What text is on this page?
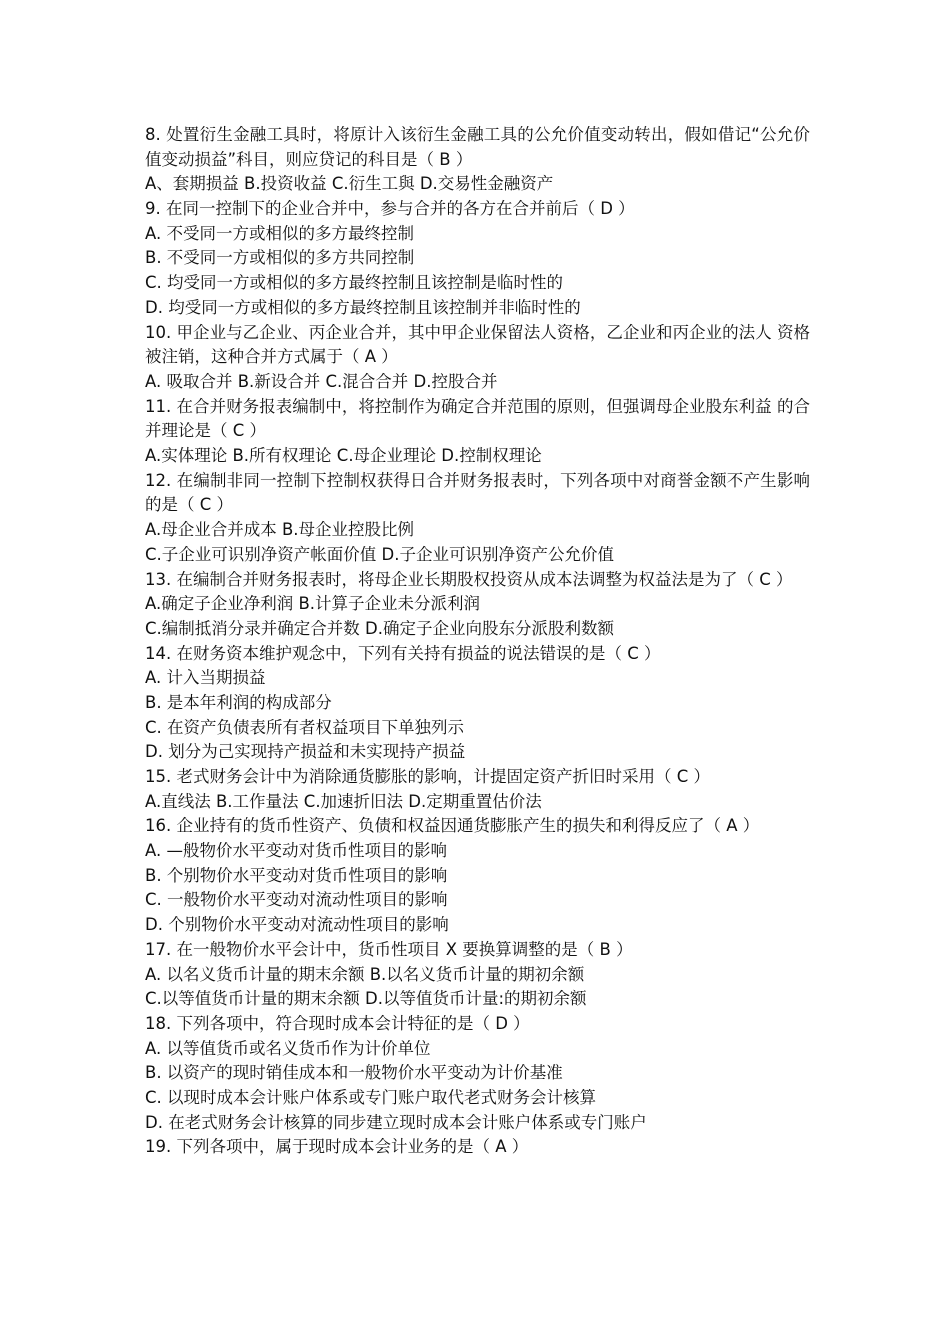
8. 处置衍生金融工具时，将原计入该衍生金融工具的公允价值变动转出，假如借记“公允价值变动损益”科目，则应贷记的科目是（ B ）
A、套期损益 B.投资收益 C.衍生工與 D.交易性金融资产
9. 在同一控制下的企业合并中，参与合并的各方在合并前后（ D ）
A. 不受同一方或相似的多方最终控制
B. 不受同一方或相似的多方共同控制
C. 均受同一方或相似的多方最终控制且该控制是临时性的
D. 均受同一方或相似的多方最终控制且该控制并非临时性的
10. 甲企业与乙企业、丙企业合并，其中甲企业保留法人资格，乙企业和丙企业的法人 资格被注销，这种合并方式属于（ A ）
A. 吸取合并 B.新设合并 C.混合合并 D.控股合并
11. 在合并财务报表编制中，将控制作为确定合并范围的原则，但强调母企业股东利益 的合并理论是（ C ）
A.实体理论 B.所有权理论 C.母企业理论 D.控制权理论
12. 在编制非同一控制下控制权获得日合并财务报表时，下列各项中对商誉金额不产生影响的是（ C ）
A.母企业合并成本 B.母企业控股比例
C.子企业可识别净资产帐面价值 D.子企业可识别净资产公允价值
13. 在编制合并财务报表时，将母企业长期股权投资从成本法调整为权益法是为了（ C ）
A.确定子企业净利润 B.计算子企业未分派利润
C.编制抵消分录并确定合并数 D.确定子企业向股东分派股利数额
14. 在财务资本维护观念中，下列有关持有损益的说法错误的是（ C ）
A. 计入当期损益
B. 是本年利润的构成部分
C. 在资产负债表所有者权益项目下单独列示
D. 划分为己实现持产损益和未实现持产损益
15. 老式财务会计中为消除通货膨胀的影响，计提固定资产折旧时采用（ C ）
A.直线法 B.工作量法 C.加速折旧法 D.定期重置估价法
16. 企业持有的货币性资产、负债和权益因通货膨胀产生的损失和利得反应了（ A ）
A. —般物价水平变动对货币性项目的影响
B. 个别物价水平变动对货币性项目的影响
C. 一般物价水平变动对流动性项目的影响
D. 个别物价水平变动对流动性项目的影响
17. 在一般物价水平会计中，货币性项目 X 要换算调整的是（ B ）
A. 以名义货币计量的期末余额 B.以名义货币计量的期初余额
C.以等值货币计量的期末余额 D.以等值货币计量:的期初余额
18. 下列各项中，符合现时成本会计特征的是（ D ）
A. 以等值货币或名义货币作为计价单位
B. 以资产的现时销佳成本和一般物价水平变动为计价基准
C. 以现时成本会计账户体系或专门账户取代老式财务会计核算
D. 在老式财务会计核算的同步建立现时成本会计账户体系或专门账户
19. 下列各项中，属于现时成本会计业务的是（ A ）
